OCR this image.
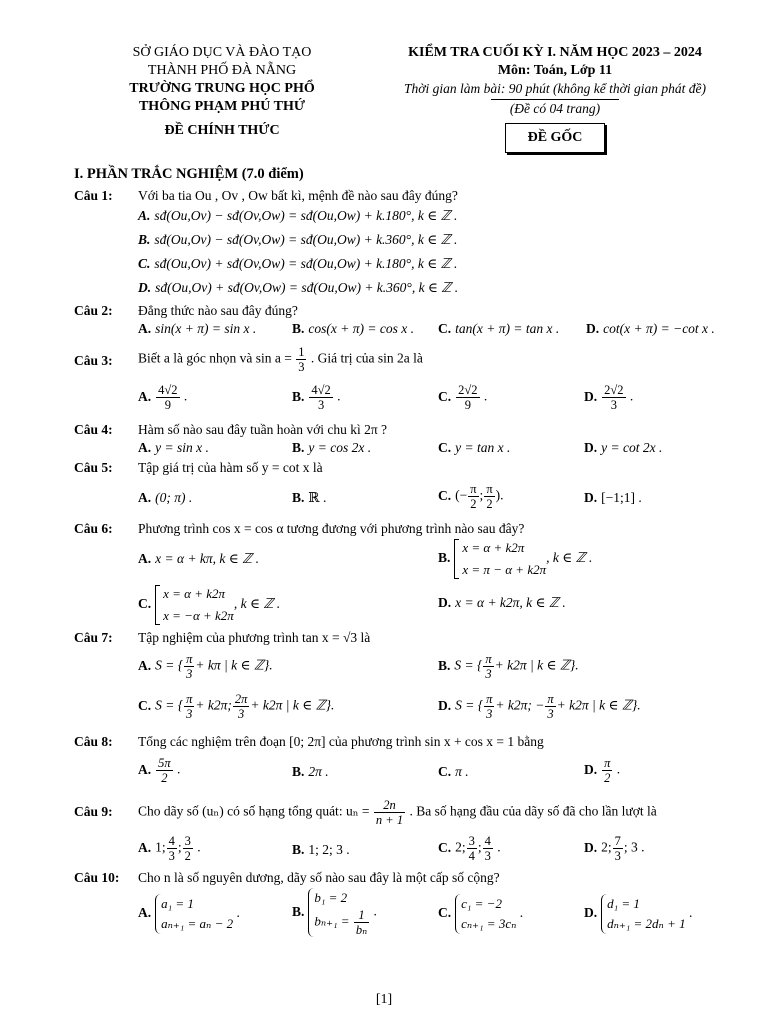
SỞ GIÁO DỤC VÀ ĐÀO TẠO
THÀNH PHỐ ĐÀ NẴNG
TRƯỜNG TRUNG HỌC PHỔ
THÔNG PHẠM PHÚ THỨ
ĐỀ CHÍNH THỨC
KIỂM TRA CUỐI KỲ I. NĂM HỌC 2023 – 2024
Môn: Toán, Lớp 11
Thời gian làm bài: 90 phút (không kể thời gian phát đề)
(Đề có 04 trang)
ĐỀ GỐC
I. PHẦN TRẮC NGHIỆM (7.0 điểm)
Câu 1:	Với ba tia Ou , Ov , Ow bất kì, mệnh đề nào sau đây đúng?
A. sđ(Ou,Ov) − sđ(Ov,Ow) = sđ(Ou,Ow) + k.180°, k ∈ ℤ .
B. sđ(Ou,Ov) − sđ(Ov,Ow) = sđ(Ou,Ow) + k.360°, k ∈ ℤ .
C. sđ(Ou,Ov) + sđ(Ov,Ow) = sđ(Ou,Ow) + k.180°, k ∈ ℤ .
D. sđ(Ou,Ov) + sđ(Ov,Ow) = sđ(Ou,Ow) + k.360°, k ∈ ℤ .
Câu 2:	Đẳng thức nào sau đây đúng?
A. sin(x + π) = sin x .	B. cos(x + π) = cos x . C. tan(x + π) = tan x . D. cot(x + π) = −cot x .
Câu 3:	Biết a là góc nhọn và $\sin a = \frac{1}{3}$ . Giá trị của sin 2a là
A. $\frac{4√2}{9}$ .	B. $\frac{4√2}{3}$ .	C. $\frac{2√2}{9}$ .	D. $\frac{2√2}{3}$ .
Câu 4:	Hàm số nào sau đây tuần hoàn với chu kì 2π ?
A. y = sin x .	B. y = cos 2x .	C. y = tan x .	D. y = cot 2x .
Câu 5:	Tập giá trị của hàm số y = cot x là
A. (0; π) .	B. ℝ .	C. (− $\frac{\pi}{2}$ ; $\frac{\pi}{2}$ ).	D. [−1;1] .
Câu 6:	Phương trình cos x = cos α tương đương với phương trình nào sau đây?
A. x = α + kπ, k ∈ ℤ .	B.
x = α + k2π
x = π − α + k2π
, k ∈ ℤ .
C.
x = α + k2π
x = −α + k2π
, k ∈ ℤ .	D. x = α + k2π, k ∈ ℤ .
Câu 7:	Tập nghiệm của phương trình tan x = √3 là
A. S = { $\frac{\pi}{3} + k\pi$ | k ∈ ℤ}.	B. S = { $\frac{\pi}{3} + k2\pi$ | k ∈ ℤ}.
C. S = { $\frac{\pi}{3} + k2\pi$; $\frac{2\pi}{3} + k2\pi$ | k ∈ ℤ}.	D. S = { $\frac{\pi}{3} + k2\pi$; − $\frac{\pi}{3} + k2\pi$ | k ∈ ℤ}.
Câu 8:	Tổng các nghiệm trên đoạn [0; 2π] của phương trình sin x + cos x = 1 bằng
A. $\frac{5\pi}{2}$ .	B. 2π .	C. π .	D. $\frac{\pi}{2}$ .
Câu 9:	Cho dãy số (uₙ) có số hạng tổng quát: $u_n = \frac{2n}{n + 1}$ . Ba số hạng đầu của dãy số đã cho lần lượt là
A. 1; $\frac{4}{3}$ ; $\frac{3}{2}$ .	B. 1; 2; 3 .	C. 2; $\frac{3}{4}$ ; $\frac{4}{3}$ .	D. 2; $\frac{7}{3}$ ; 3 .
Câu 10:	Cho n là số nguyên dương, dãy số nào sau đây là một cấp số cộng?
A.
a₁ = 1
aₙ₊₁ = aₙ − 2
.	B.
b₁ = 2
$b_{n+1} = \frac{1}{\text{bₙ}}$ .	C.
c₁ = −2
cₙ₊₁ = 3cₙ
.	D.
d₁ = 1
dₙ₊₁ = 2dₙ + 1
.
[1]
